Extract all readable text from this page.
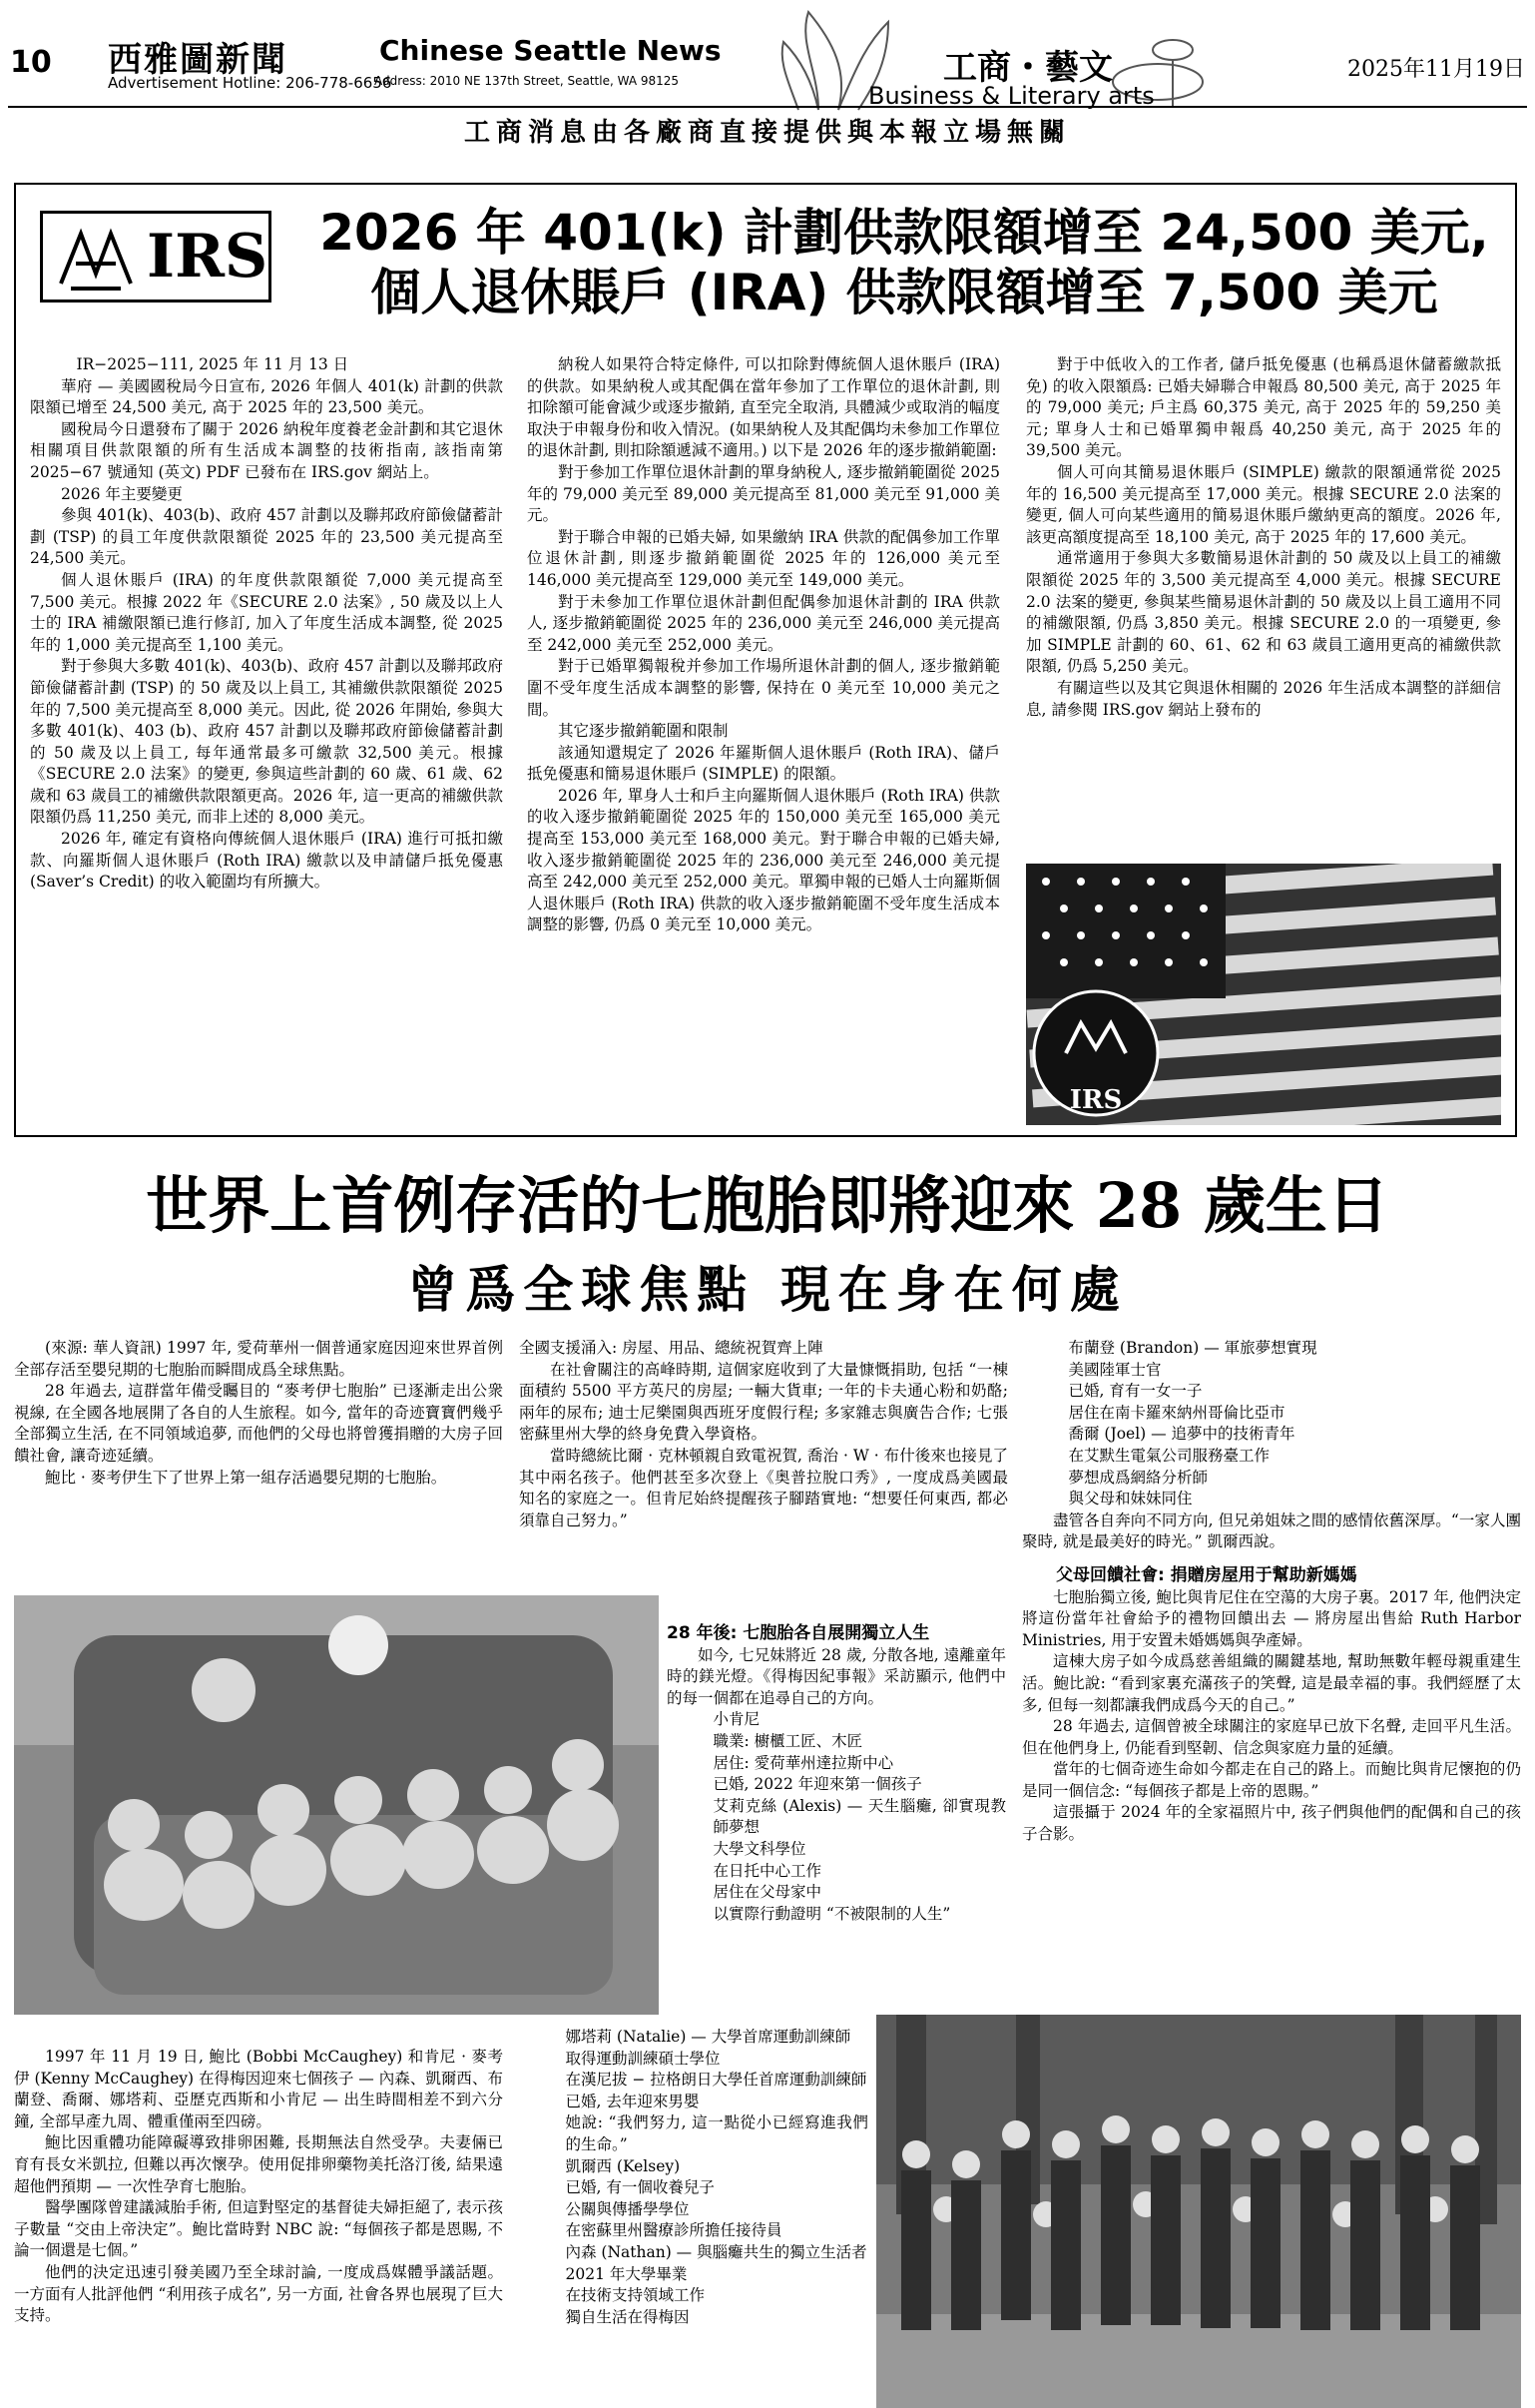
10 西雅圖新聞	Chinese Seattle News
Advertisement Hotline: 206-778-6656
Address: 2010 NE 137th Street, Seattle, WA 98125	工商・藝文
Business & Literary arts
2025年11月19日
工商消息由各廠商直接提供與本報立場無關
IRS 2026 年 401(k) 計劃供款限額增至 24,500 美元,
個人退休賬戶 (IRA) 供款限額增至 7,500 美元

IR−2025−111, 2025 年 11 月 13 日

華府 — 美國國稅局今日宣布, 2026 年個人 401(k) 計劃的供款限額已增至 24,500 美元, 高于 2025 年的 23,500 美元。

國稅局今日還發布了關于 2026 納稅年度養老金計劃和其它退休相關項目供款限額的所有生活成本調整的技術指南, 該指南第 2025−67 號通知 (英文) PDF 已發布在 IRS.gov 網站上。

2026 年主要變更

參與 401(k)、403(b)、政府 457 計劃以及聯邦政府節儉儲蓄計劃 (TSP) 的員工年度供款限額從 2025 年的 23,500 美元提高至 24,500 美元。

個人退休賬戶 (IRA) 的年度供款限額從 7,000 美元提高至 7,500 美元。根據 2022 年《SECURE 2.0 法案》, 50 歲及以上人士的 IRA 補繳限額已進行修訂, 加入了年度生活成本調整, 從 2025 年的 1,000 美元提高至 1,100 美元。

對于參與大多數 401(k)、403(b)、政府 457 計劃以及聯邦政府節儉儲蓄計劃 (TSP) 的 50 歲及以上員工, 其補繳供款限額從 2025 年的 7,500 美元提高至 8,000 美元。因此, 從 2026 年開始, 參與大多數 401(k)、403 (b)、政府 457 計劃以及聯邦政府節儉儲蓄計劃的 50 歲及以上員工, 每年通常最多可繳款 32,500 美元。根據《SECURE 2.0 法案》的變更, 參與這些計劃的 60 歲、61 歲、62 歲和 63 歲員工的補繳供款限額更高。2026 年, 這一更高的補繳供款限額仍爲 11,250 美元, 而非上述的 8,000 美元。

2026 年, 確定有資格向傳統個人退休賬戶 (IRA) 進行可抵扣繳款、向羅斯個人退休賬戶 (Roth IRA) 繳款以及申請儲戶抵免優惠 (Saver’s Credit) 的收入範圍均有所擴大。

納稅人如果符合特定條件, 可以扣除對傳統個人退休賬戶 (IRA) 的供款。如果納稅人或其配偶在當年參加了工作單位的退休計劃, 則扣除額可能會減少或逐步撤銷, 直至完全取消, 具體減少或取消的幅度取決于申報身份和收入情況。(如果納稅人及其配偶均未參加工作單位的退休計劃, 則扣除額遞減不適用。) 以下是 2026 年的逐步撤銷範圍:

對于參加工作單位退休計劃的單身納稅人, 逐步撤銷範圍從 2025 年的 79,000 美元至 89,000 美元提高至 81,000 美元至 91,000 美元。

對于聯合申報的已婚夫婦, 如果繳納 IRA 供款的配偶參加工作單位退休計劃, 則逐步撤銷範圍從 2025 年的 126,000 美元至 146,000 美元提高至 129,000 美元至 149,000 美元。

對于未參加工作單位退休計劃但配偶參加退休計劃的 IRA 供款人, 逐步撤銷範圍從 2025 年的 236,000 美元至 246,000 美元提高至 242,000 美元至 252,000 美元。

對于已婚單獨報稅并參加工作場所退休計劃的個人, 逐步撤銷範圍不受年度生活成本調整的影響, 保持在 0 美元至 10,000 美元之間。

其它逐步撤銷範圍和限制

該通知還規定了 2026 年羅斯個人退休賬戶 (Roth IRA)、儲戶抵免優惠和簡易退休賬戶 (SIMPLE) 的限額。

2026 年, 單身人士和戶主向羅斯個人退休賬戶 (Roth IRA) 供款的收入逐步撤銷範圍從 2025 年的 150,000 美元至 165,000 美元提高至 153,000 美元至 168,000 美元。對于聯合申報的已婚夫婦, 收入逐步撤銷範圍從 2025 年的 236,000 美元至 246,000 美元提高至 242,000 美元至 252,000 美元。單獨申報的已婚人士向羅斯個人退休賬戶 (Roth IRA) 供款的收入逐步撤銷範圍不受年度生活成本調整的影響, 仍爲 0 美元至 10,000 美元。

對于中低收入的工作者, 儲戶抵免優惠 (也稱爲退休儲蓄繳款抵免) 的收入限額爲: 已婚夫婦聯合申報爲 80,500 美元, 高于 2025 年的 79,000 美元; 戶主爲 60,375 美元, 高于 2025 年的 59,250 美元; 單身人士和已婚單獨申報爲 40,250 美元, 高于 2025 年的 39,500 美元。

個人可向其簡易退休賬戶 (SIMPLE) 繳款的限額通常從 2025 年的 16,500 美元提高至 17,000 美元。根據 SECURE 2.0 法案的變更, 個人可向某些適用的簡易退休賬戶繳納更高的額度。2026 年, 該更高額度提高至 18,100 美元, 高于 2025 年的 17,600 美元。

通常適用于參與大多數簡易退休計劃的 50 歲及以上員工的補繳限額從 2025 年的 3,500 美元提高至 4,000 美元。根據 SECURE 2.0 法案的變更, 參與某些簡易退休計劃的 50 歲及以上員工適用不同的補繳限額, 仍爲 3,850 美元。根據 SECURE 2.0 的一項變更, 參加 SIMPLE 計劃的 60、61、62 和 63 歲員工適用更高的補繳供款限額, 仍爲 5,250 美元。

有關這些以及其它與退休相關的 2026 年生活成本調整的詳細信息, 請參閱 IRS.gov 網站上發布的

IRS
世界上首例存活的七胞胎即將迎來 28 歲生日
曾爲全球焦點 現在身在何處

(來源: 華人資訊) 1997 年, 愛荷華州一個普通家庭因迎來世界首例全部存活至嬰兒期的七胞胎而瞬間成爲全球焦點。

28 年過去, 這群當年備受矚目的 “麥考伊七胞胎” 已逐漸走出公衆視線, 在全國各地展開了各自的人生旅程。如今, 當年的奇迹寶寶們幾乎全部獨立生活, 在不同領域追夢, 而他們的父母也將曾獲捐贈的大房子回饋社會, 讓奇迹延續。

鮑比 · 麥考伊生下了世界上第一組存活過嬰兒期的七胞胎。

1997 年 11 月 19 日, 鮑比 (Bobbi McCaughey) 和肯尼 · 麥考伊 (Kenny McCaughey) 在得梅因迎來七個孩子 — 內森、凱爾西、布蘭登、喬爾、娜塔莉、亞歷克西斯和小肯尼 — 出生時間相差不到六分鐘, 全部早產九周、體重僅兩至四磅。

鮑比因重體功能障礙導致排卵困難, 長期無法自然受孕。夫妻倆已育有長女米凱拉, 但難以再次懷孕。使用促排卵藥物美托洛汀後, 結果遠超他們預期 — 一次性孕育七胞胎。

醫學團隊曾建議減胎手術, 但這對堅定的基督徒夫婦拒絕了, 表示孩子數量 “交由上帝決定”。鮑比當時對 NBC 說: “每個孩子都是恩賜, 不論一個還是七個。”

他們的決定迅速引發美國乃至全球討論, 一度成爲媒體爭議話題。一方面有人批評他們 “利用孩子成名”, 另一方面, 社會各界也展現了巨大支持。

全國支援涌入: 房屋、用品、總統祝賀齊上陣

在社會關注的高峰時期, 這個家庭收到了大量慷慨捐助, 包括 “一棟面積約 5500 平方英尺的房屋; 一輛大貨車; 一年的卡夫通心粉和奶酪; 兩年的尿布; 迪士尼樂園與西班牙度假行程; 多家雜志與廣告合作; 七張密蘇里州大學的終身免費入學資格。

當時總統比爾 · 克林頓親自致電祝賀, 喬治 · W · 布什後來也接見了其中兩名孩子。他們甚至多次登上《奥普拉脫口秀》, 一度成爲美國最知名的家庭之一。但肯尼始終提醒孩子腳踏實地: “想要任何東西, 都必須靠自己努力。”

28 年後: 七胞胎各自展開獨立人生

如今, 七兄妹將近 28 歲, 分散各地, 遠離童年時的鎂光燈。《得梅因紀事報》采訪顯示, 他們中的每一個都在追尋自己的方向。

小肯尼

職業: 櫥櫃工匠、木匠

居住: 愛荷華州達拉斯中心

已婚, 2022 年迎來第一個孩子

艾莉克絲 (Alexis) — 天生腦癱, 卻實現教師夢想

大學文科學位

在日托中心工作

居住在父母家中

以實際行動證明 “不被限制的人生”

娜塔莉 (Natalie) — 大學首席運動訓練師

取得運動訓練碩士學位

在漢尼拔 − 拉格朗日大學任首席運動訓練師

已婚, 去年迎來男嬰

她說: “我們努力, 這一點從小已經寫進我們的生命。”

凱爾西 (Kelsey)

已婚, 有一個收養兒子

公關與傳播學學位

在密蘇里州醫療診所擔任接待員

內森 (Nathan) — 與腦癱共生的獨立生活者

2021 年大學畢業

在技術支持領域工作

獨自生活在得梅因

布蘭登 (Brandon) — 軍旅夢想實現

美國陸軍士官

已婚, 育有一女一子

居住在南卡羅來納州哥倫比亞市

喬爾 (Joel) — 追夢中的技術青年

在艾默生電氣公司服務臺工作

夢想成爲網絡分析師

與父母和妹妹同住

盡管各自奔向不同方向, 但兄弟姐妹之間的感情依舊深厚。“一家人團聚時, 就是最美好的時光。” 凱爾西說。

父母回饋社會: 捐贈房屋用于幫助新媽媽

七胞胎獨立後, 鮑比與肯尼住在空蕩的大房子裏。2017 年, 他們決定將這份當年社會給予的禮物回饋出去 — 將房屋出售給 Ruth Harbor Ministries, 用于安置未婚媽媽與孕產婦。

這棟大房子如今成爲慈善組織的關鍵基地, 幫助無數年輕母親重建生活。鮑比說: “看到家裏充滿孩子的笑聲, 這是最幸福的事。我們經歷了太多, 但每一刻都讓我們成爲今天的自己。”

28 年過去, 這個曾被全球關注的家庭早已放下名聲, 走回平凡生活。但在他們身上, 仍能看到堅韌、信念與家庭力量的延續。

當年的七個奇迹生命如今都走在自己的路上。而鮑比與肯尼懷抱的仍是同一個信念: “每個孩子都是上帝的恩賜。”

這張攝于 2024 年的全家福照片中, 孩子們與他們的配偶和自己的孩子合影。
